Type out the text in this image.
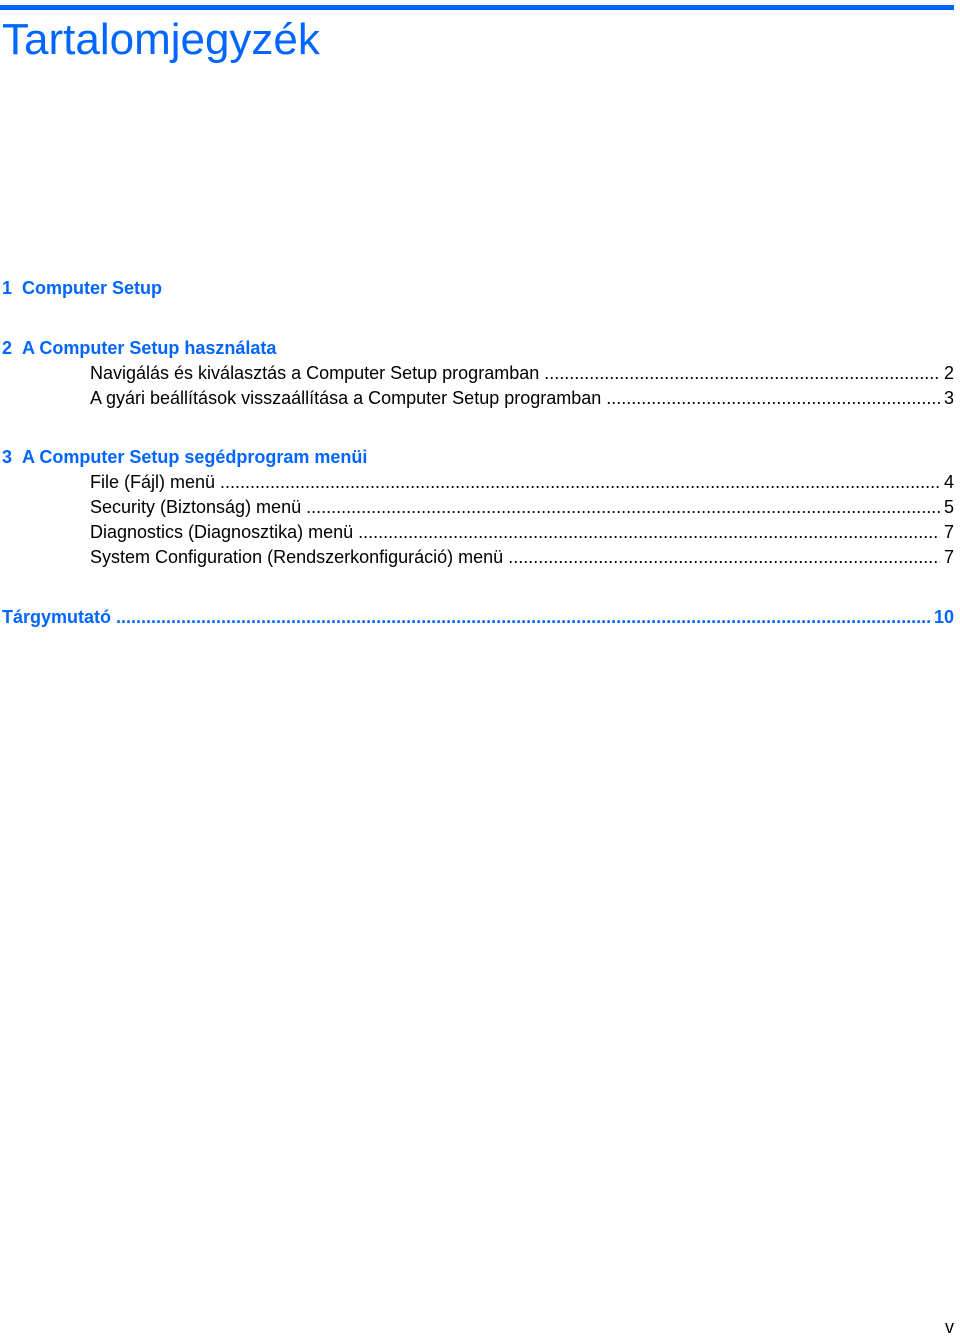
Tartalomjegyzék
1 Computer Setup
2 A Computer Setup használata
Navigálás és kiválasztás a Computer Setup programban .....	2
A gyári beállítások visszaállítása a Computer Setup programban .....	3
3 A Computer Setup segédprogram menüi
File (Fájl) menü .....	4
Security (Biztonság) menü .....	5
Diagnostics (Diagnosztika) menü .....	7
System Configuration (Rendszerkonfiguráció) menü .....	7
Tárgymutató .....	10
v
